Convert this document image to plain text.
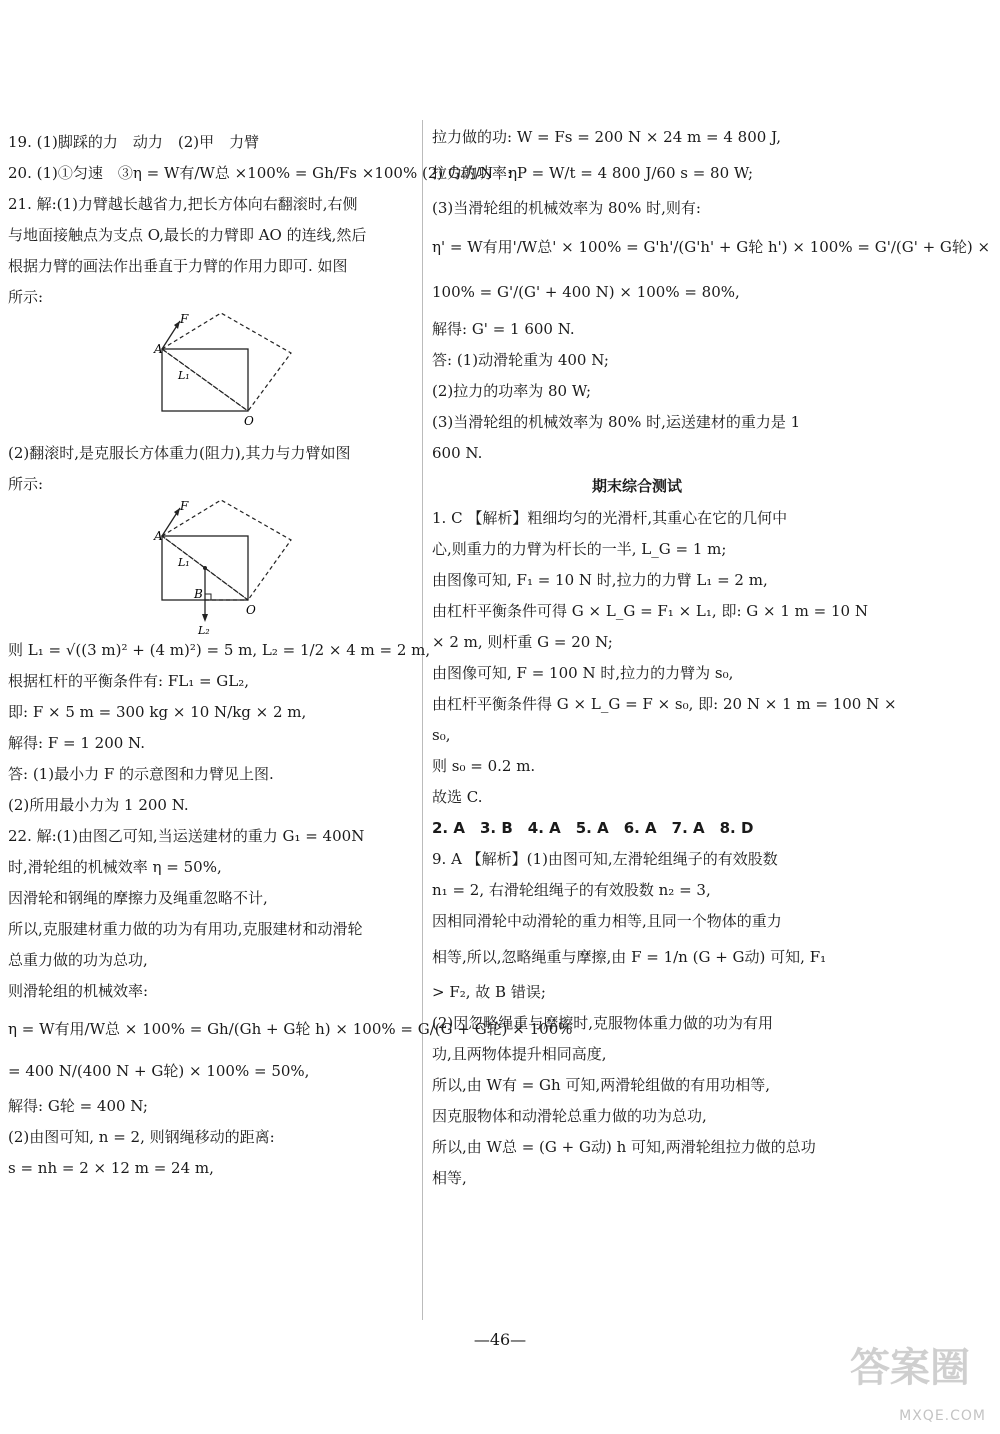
19. (1)脚踩的力　动力　(2)甲　力臂
20. (1)①匀速　③η = W有/W总 ×100% = Gh/Fs ×100% (2) G动/N　η
21. 解:(1)力臂越长越省力,把长方体向右翻滚时,右侧
与地面接触点为支点 O,最长的力臂即 AO 的连线,然后
根据力臂的画法作出垂直于力臂的作用力即可. 如图
所示:
F
A
L₁
O
(2)翻滚时,是克服长方体重力(阻力),其力与力臂如图
所示:
F
A
L₁
B
L₂
O
则 L₁ = √((3 m)² + (4 m)²) = 5 m, L₂ = 1/2 × 4 m = 2 m,
根据杠杆的平衡条件有: FL₁ = GL₂,
即: F × 5 m = 300 kg × 10 N/kg × 2 m,
解得: F = 1 200 N.
答: (1)最小力 F 的示意图和力臂见上图.
(2)所用最小力为 1 200 N.
22. 解:(1)由图乙可知,当运送建材的重力 G₁ = 400N
时,滑轮组的机械效率 η = 50%,
因滑轮和钢绳的摩擦力及绳重忽略不计,
所以,克服建材重力做的功为有用功,克服建材和动滑轮
总重力做的功为总功,
则滑轮组的机械效率:
η = W有用/W总 × 100% = Gh/(Gh + G轮 h) × 100% = G/(G + G轮) × 100%
= 400 N/(400 N + G轮) × 100% = 50%,
解得: G轮 = 400 N;
(2)由图可知, n = 2, 则钢绳移动的距离:
s = nh = 2 × 12 m = 24 m,
拉力做的功: W = Fs = 200 N × 24 m = 4 800 J,
拉力的功率: P = W/t = 4 800 J/60 s = 80 W;
(3)当滑轮组的机械效率为 80% 时,则有:
η' = W有用'/W总' × 100% = G'h'/(G'h' + G轮 h') × 100% = G'/(G' + G轮) ×
100% = G'/(G' + 400 N) × 100% = 80%,
解得: G' = 1 600 N.
答: (1)动滑轮重为 400 N;
(2)拉力的功率为 80 W;
(3)当滑轮组的机械效率为 80% 时,运送建材的重力是 1
600 N.
期末综合测试
1. C 【解析】粗细均匀的光滑杆,其重心在它的几何中
心,则重力的力臂为杆长的一半, L_G = 1 m;
由图像可知, F₁ = 10 N 时,拉力的力臂 L₁ = 2 m,
由杠杆平衡条件可得 G × L_G = F₁ × L₁, 即: G × 1 m = 10 N
× 2 m, 则杆重 G = 20 N;
由图像可知, F = 100 N 时,拉力的力臂为 s₀,
由杠杆平衡条件得 G × L_G = F × s₀, 即: 20 N × 1 m = 100 N ×
s₀,
则 s₀ = 0.2 m.
故选 C.
2. A　3. B　4. A　5. A　6. A　7. A　8. D
9. A 【解析】(1)由图可知,左滑轮组绳子的有效股数
n₁ = 2, 右滑轮组绳子的有效股数 n₂ = 3,
因相同滑轮中动滑轮的重力相等,且同一个物体的重力
相等,所以,忽略绳重与摩擦,由 F = 1/n (G + G动) 可知, F₁
> F₂, 故 B 错误;
(2)因忽略绳重与摩擦时,克服物体重力做的功为有用
功,且两物体提升相同高度,
所以,由 W有 = Gh 可知,两滑轮组做的有用功相等,
因克服物体和动滑轮总重力做的功为总功,
所以,由 W总 = (G + G动) h 可知,两滑轮组拉力做的总功
相等,
—46—
答案圈
MXQE.COM
